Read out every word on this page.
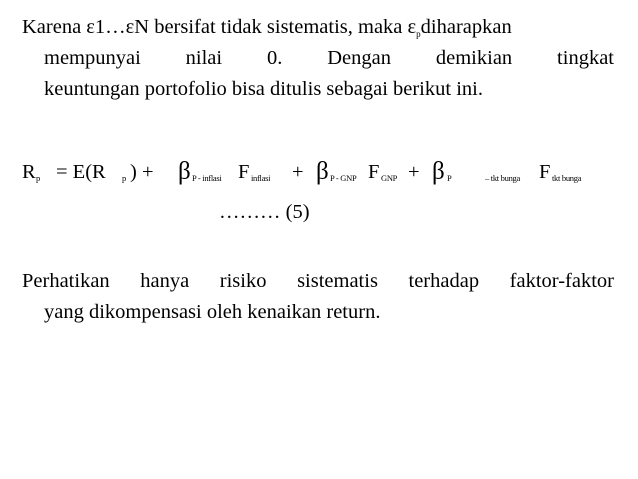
Karena ε1…εN bersifat tidak sistematis, maka εpdiharapkan
mempunyai nilai 0. Dengan demikian tingkat
keuntungan portofolio bisa ditulis sebagai berikut ini.
R p = E(R p ) + β P - inflasi F inflasi + β P - GNP F GNP + β P	– tkt bunga F tkt bunga
……… (5)
Perhatikan hanya risiko sistematis terhadap faktor-faktor
yang dikompensasi oleh kenaikan return.
